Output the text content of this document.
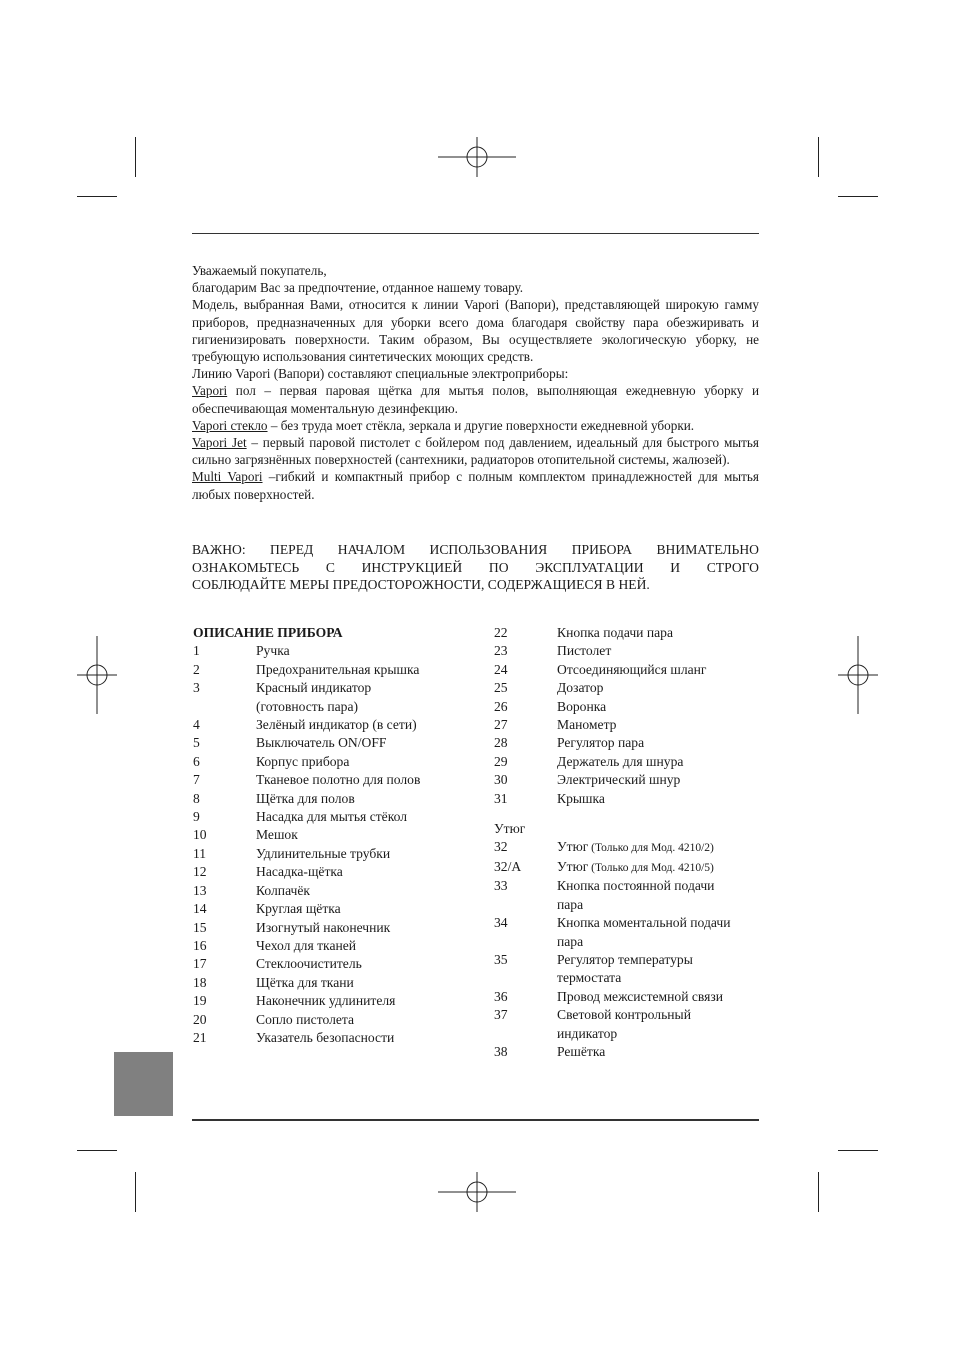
Уважаемый покупатель,

благодарим Вас за предпочтение, отданное нашему товару.

Модель, выбранная Вами, относится к линии Vapori (Вапори), представляющей широкую гамму приборов, предназначенных для уборки всего дома благодаря свойству пара обезжиривать и гигиенизировать поверхности. Таким образом, Вы осуществляете экологическую уборку, не требующую использования синтетических моющих средств.

Линию Vapori (Вапори) составляют специальные электроприборы:

Vapori пол – первая паровая щётка для мытья полов, выполняющая ежедневную уборку и обеспечивающая моментальную дезинфекцию.

Vapori стекло – без труда моет стёкла, зеркала и другие поверхности ежедневной уборки.

Vapori Jet – первый паровой пистолет с бойлером под давлением, идеальный для быстрого мытья сильно загрязнённых поверхностей (сантехники, радиаторов отопительной системы, жалюзей).

Multi Vapori –гибкий и компактный прибор с полным комплектом принадлежностей для мытья любых поверхностей.

ВАЖНО: ПЕРЕД НАЧАЛОМ ИСПОЛЬЗОВАНИЯ ПРИБОРА ВНИМАТЕЛЬНО
ОЗНАКОМЬТЕСЬ С ИНСТРУКЦИЕЙ ПО ЭКСПЛУАТАЦИИ И СТРОГО
СОБЛЮДАЙТЕ МЕРЫ ПРЕДОСТОРОЖНОСТИ, СОДЕРЖАЩИЕСЯ В НЕЙ.

ОПИСАНИЕ ПРИБОРА

1	Ручка
2	Предохранительная крышка
3	Красный индикатор
(готовность пара)
4	Зелёный индикатор (в сети)
5	Выключатель ON/OFF
6	Корпус прибора
7	Тканевое полотно для полов
8	Щётка для полов
9	Насадка для мытья стёкол
10	Мешок
11	Удлинительные трубки
12	Насадка-щётка
13	Колпачёк
14	Круглая щётка
15	Изогнутый наконечник
16	Чехол для тканей
17	Стеклоочиститель
18	Щётка для ткани
19	Наконечник удлинителя
20	Сопло пистолета
21	Указатель безопасности
22	Кнопка подачи пара
23	Пистолет
24	Отсоединяющийся шланг
25	Дозатор
26	Воронка
27	Манометр
28	Регулятор пара
29	Держатель для шнура
30	Электрический шнур
31	Крышка
Утюг
32	Утюг (Только для Мод. 4210/2)
32/A	Утюг (Только для Мод. 4210/5)
33	Кнопка постоянной подачи
пара
34	Кнопка моментальной подачи
пара
35	Регулятор температуры
термостата
36	Провод межсистемной связи
37	Световой контрольный
индикатор
38	Решётка
